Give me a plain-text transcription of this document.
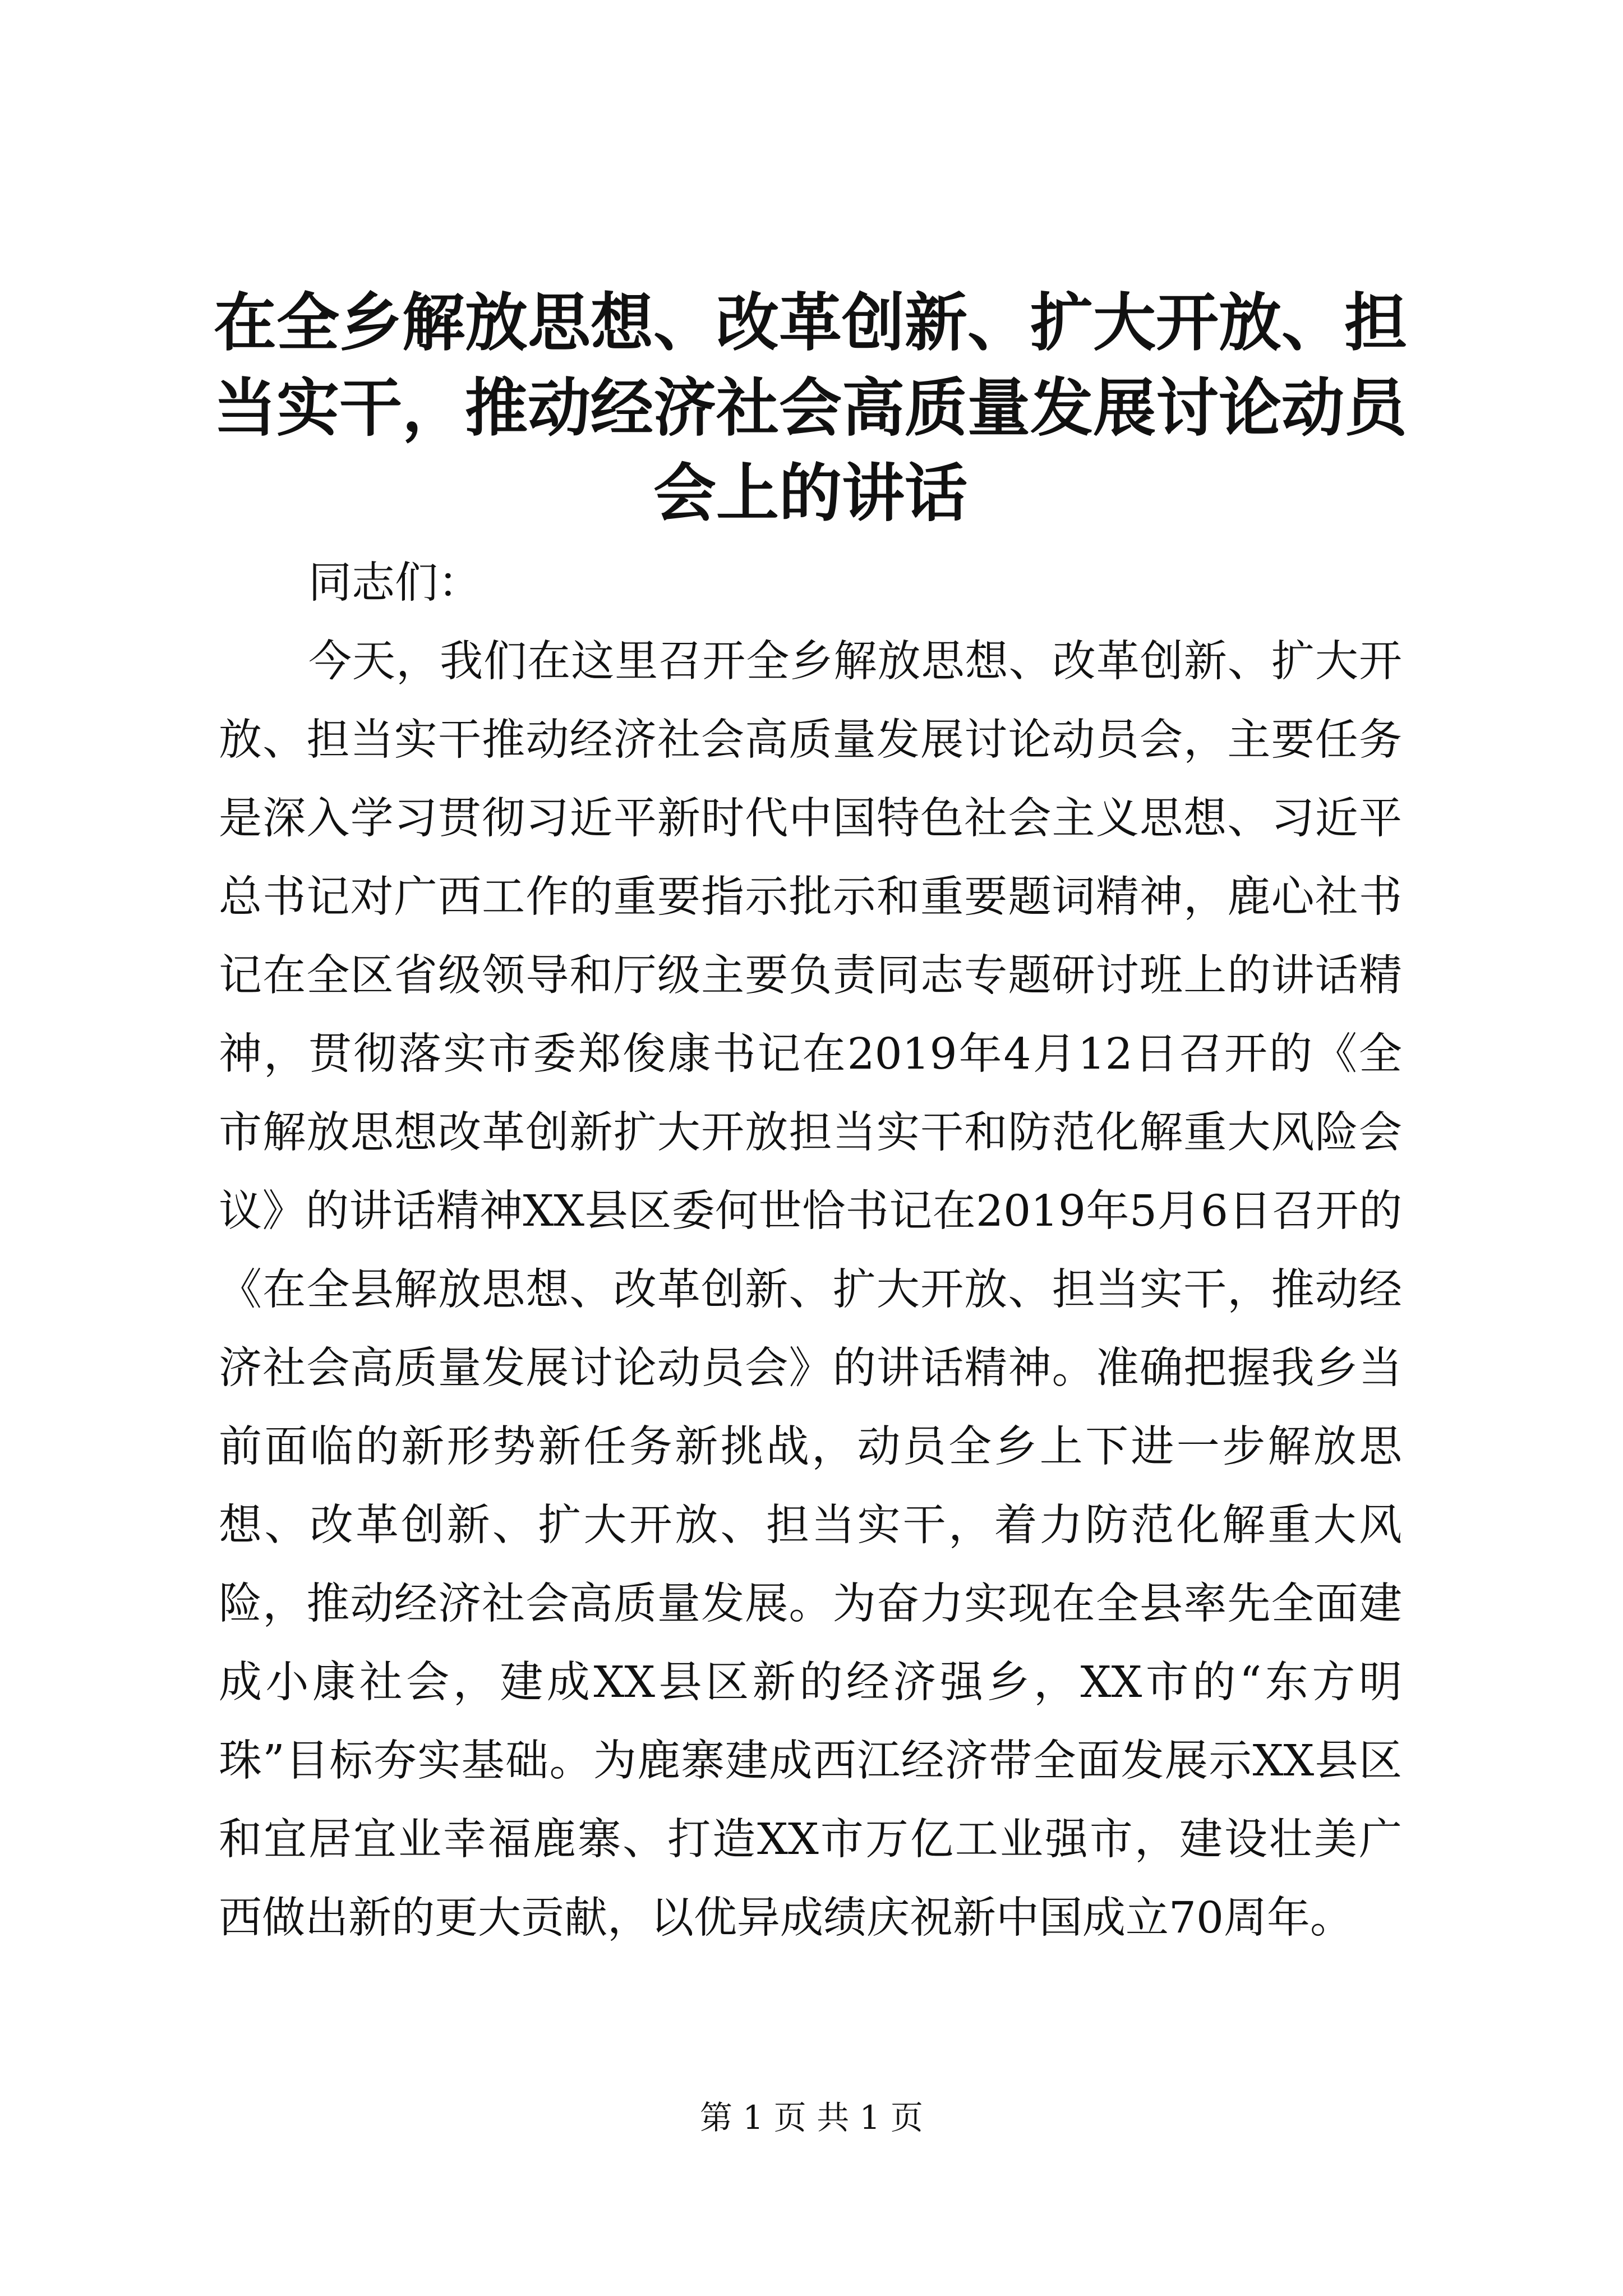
在全乡解放思想、改革创新、扩大开放、担当实干，推动经济社会高质量发展讨论动员会上的讲话

同志们：

今天，我们在这里召开全乡解放思想、改革创新、扩大开放、担当实干推动经济社会高质量发展讨论动员会，主要任务是深入学习贯彻习近平新时代中国特色社会主义思想、习近平总书记对广西工作的重要指示批示和重要题词精神，鹿心社书记在全区省级领导和厅级主要负责同志专题研讨班上的讲话精神，贯彻落实市委郑俊康书记在2019年4月12日召开的《全市解放思想改革创新扩大开放担当实干和防范化解重大风险会议》的讲话精神XX县区委何世恰书记在2019年5月6日召开的《在全县解放思想、改革创新、扩大开放、担当实干，推动经济社会高质量发展讨论动员会》的讲话精神。准确把握我乡当前面临的新形势新任务新挑战，动员全乡上下进一步解放思想、改革创新、扩大开放、担当实干，着力防范化解重大风险，推动经济社会高质量发展。为奋力实现在全县率先全面建成小康社会，建成XX县区新的经济强乡，XX市的“东方明珠”目标夯实基础。为鹿寨建成西江经济带全面发展示XX县区和宜居宜业幸福鹿寨、打造XX市万亿工业强市，建设壮美广西做出新的更大贡献，以优异成绩庆祝新中国成立70周年。

第 1 页 共 1 页
